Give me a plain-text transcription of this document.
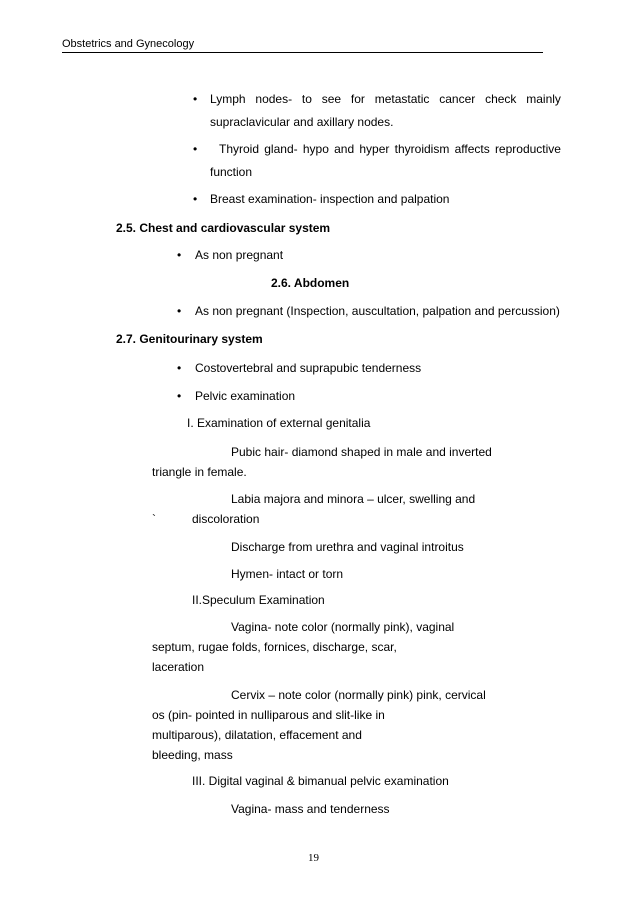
Obstetrics and Gynecology
• Lymph nodes- to see for metastatic cancer check mainly
supraclavicular and axillary nodes.
• Thyroid gland- hypo and hyper thyroidism affects reproductive
function
• Breast examination- inspection and palpation
2.5. Chest and cardiovascular system
• As non pregnant
2.6. Abdomen
• As non pregnant (Inspection, auscultation, palpation and percussion)
2.7. Genitourinary system
• Costovertebral and suprapubic tenderness
• Pelvic examination
I. Examination of external genitalia
Pubic hair- diamond shaped in male and inverted
triangle in female.
Labia majora and minora – ulcer, swelling and
`	discoloration
Discharge from urethra and vaginal introitus
Hymen- intact or torn
II.Speculum Examination
Vagina- note color (normally pink), vaginal
septum, rugae folds, fornices, discharge, scar,
laceration
Cervix – note color (normally pink) pink, cervical
os (pin- pointed in nulliparous and slit-like in
multiparous), dilatation, effacement and
bleeding, mass
III. Digital vaginal & bimanual pelvic examination
Vagina- mass and tenderness
19
